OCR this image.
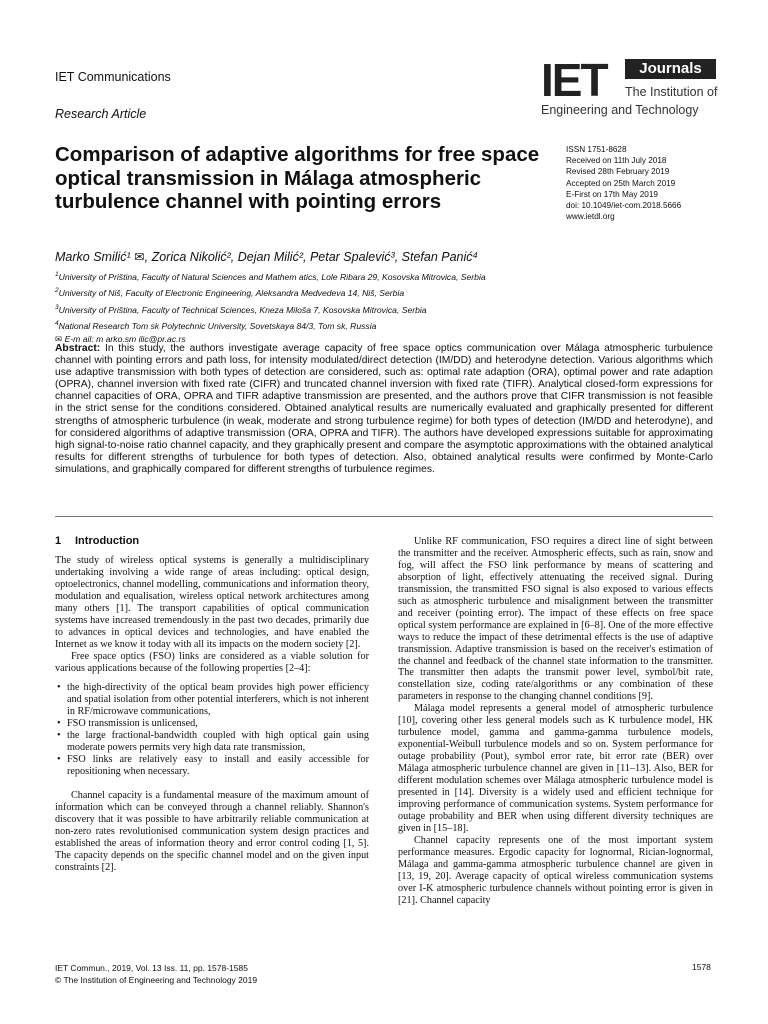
IET Communications
Research Article
IET	Journals
The Institution of
Engineering and Technology
Comparison of adaptive algorithms for free space optical transmission in Málaga atmospheric turbulence channel with pointing errors
ISSN 1751-8628
Received on 11th July 2018
Revised 28th February 2019
Accepted on 25th March 2019
E-First on 17th May 2019
doi: 10.1049/iet-com.2018.5666
www.ietdl.org
Marko Smilić¹ ✉, Zorica Nikolić², Dejan Milić², Petar Spalević³, Stefan Panić⁴
$^1$University of Priština, Faculty of Natural Sciences and Mathem atics, Lole Ribara 29, Kosovska Mitrovica, Serbia
$^2$University of Niš, Faculty of Electronic Engineering, Aleksandra Medvedeva 14, Niš, Serbia
$^3$University of Priština, Faculty of Technical Sciences, Kneza Miloša 7, Kosovska Mitrovica, Serbia
$^4$National Research Tom sk Polytechnic University, Sovetskaya 84/3, Tom sk, Russia
✉ E-m ail: m arko.sm ilic@pr.ac.rs

Abstract: In this study, the authors investigate average capacity of free space optics communication over Málaga atmospheric turbulence channel with pointing errors and path loss, for intensity modulated/direct detection (IM/DD) and heterodyne detection. Various algorithms which use adaptive transmission with both types of detection are considered, such as: optimal rate adaption (ORA), optimal power and rate adaption (OPRA), channel inversion with fixed rate (CIFR) and truncated channel inversion with fixed rate (TIFR). Analytical closed-form expressions for channel capacities of ORA, OPRA and TIFR adaptive transmission are presented, and the authors prove that CIFR transmission is not feasible in the strict sense for the conditions considered. Obtained analytical results are numerically evaluated and graphically presented for different strengths of atmospheric turbulence (in weak, moderate and strong turbulence regime) for both types of detection (IM/DD and heterodyne), and for considered algorithms of adaptive transmission (ORA, OPRA and TIFR). The authors have developed expressions suitable for approximating high signal-to-noise ratio channel capacity, and they graphically present and compare the asymptotic approximations with the obtained analytical results for different strengths of turbulence for both types of detection. Also, obtained analytical results were confirmed by Monte-Carlo simulations, and graphically compared for different strengths of turbulence regimes.

1 Introduction

The study of wireless optical systems is generally a multidisciplinary undertaking involving a wide range of areas including: optical design, optoelectronics, channel modelling, communications and information theory, modulation and equalisation, wireless optical network architectures among many others [1]. The transport capabilities of optical communication systems have increased tremendously in the past two decades, primarily due to advances in optical devices and technologies, and have enabled the Internet as we know it today with all its impacts on the modern society [2].

Free space optics (FSO) links are considered as a viable solution for various applications because of the following properties [2–4]:

• the high-directivity of the optical beam provides high power efficiency and spatial isolation from other potential interferers, which is not inherent in RF/microwave communications,
• FSO transmission is unlicensed,
• the large fractional-bandwidth coupled with high optical gain using moderate powers permits very high data rate transmission,
• FSO links are relatively easy to install and easily accessible for repositioning when necessary.

Channel capacity is a fundamental measure of the maximum amount of information which can be conveyed through a channel reliably. Shannon's discovery that it was possible to have arbitrarily reliable communication at non-zero rates revolutionised communication system design practices and established the areas of information theory and error control coding [1, 5]. The capacity depends on the specific channel model and on the given input constraints [2].

Unlike RF communication, FSO requires a direct line of sight between the transmitter and the receiver. Atmospheric effects, such as rain, snow and fog, will affect the FSO link performance by means of scattering and absorption of light, effectively attenuating the received signal. During transmission, the transmitted FSO signal is also exposed to various effects such as atmospheric turbulence and misalignment between the transmitter and receiver (pointing error). The impact of these effects on free space optical system performance are explained in [6–8]. One of the more effective ways to reduce the impact of these detrimental effects is the use of adaptive transmission. Adaptive transmission is based on the receiver's estimation of the channel and feedback of the channel state information to the transmitter. The transmitter then adapts the transmit power level, symbol/bit rate, constellation size, coding rate/algorithms or any combination of these parameters in response to the changing channel conditions [9].

Málaga model represents a general model of atmospheric turbulence [10], covering other less general models such as K turbulence model, HK turbulence model, gamma and gamma-gamma turbulence models, exponential-Weibull turbulence models and so on. System performance for outage probability (Pout), symbol error rate, bit error rate (BER) over Málaga atmospheric turbulence channel are given in [11–13]. Also, BER for different modulation schemes over Málaga atmospheric turbulence model is presented in [14]. Diversity is a widely used and efficient technique for improving performance of communication systems. System performance for outage probability and BER when using different diversity techniques are given in [15–18].

Channel capacity represents one of the most important system performance measures. Ergodic capacity for lognormal, Rician-lognormal, Málaga and gamma-gamma atmospheric turbulence channel are given in [13, 19, 20]. Average capacity of optical wireless communication systems over I-K atmospheric turbulence channels without pointing error is given in [21]. Channel capacity

IET Commun., 2019, Vol. 13 Iss. 11, pp. 1578-1585
© The Institution of Engineering and Technology 2019
1578
